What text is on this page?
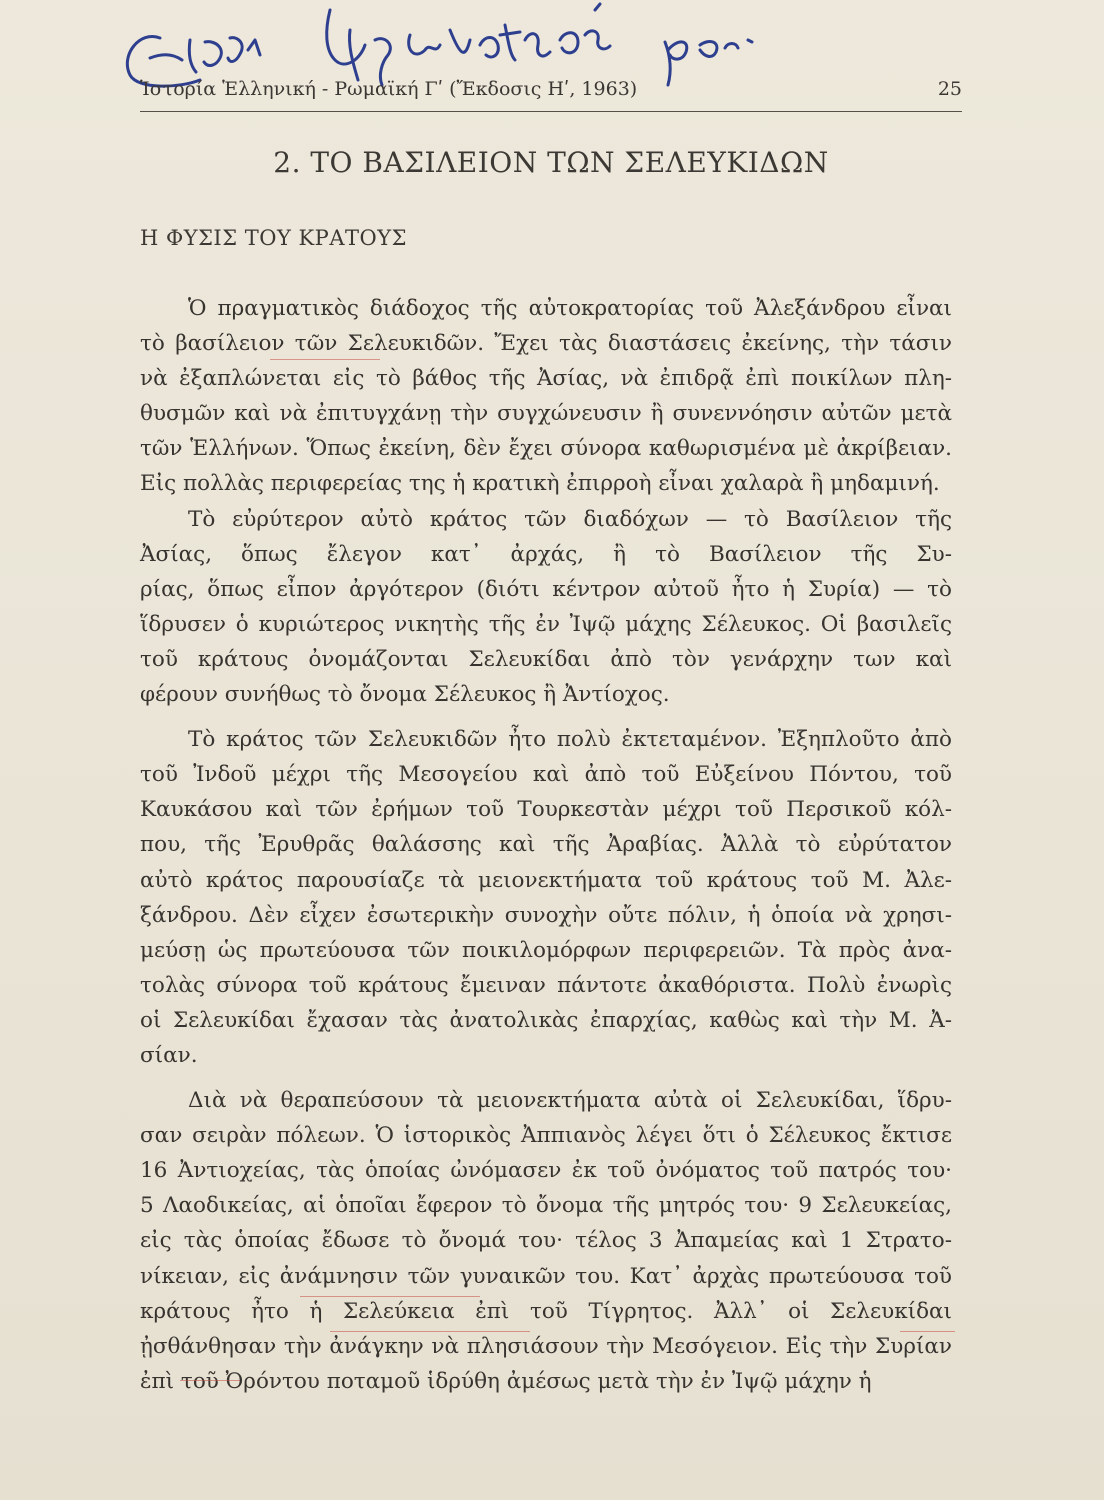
Ἱστορία Ἑλληνική - Ρωμαϊκή Γʹ (Ἔκδοσις Ηʹ, 1963)	25
2. ΤΟ ΒΑΣΙΛΕΙΟΝ ΤΩΝ ΣΕΛΕΥΚΙΔΩΝ
Η ΦΥΣΙΣ ΤΟΥ ΚΡΑΤΟΥΣ
Ὁ πραγματικὸς διάδοχος τῆς αὐτοκρατορίας τοῦ Ἀλεξάνδρου εἶναι
τὸ βασίλειον τῶν Σελευκιδῶν. Ἔχει τὰς διαστάσεις ἐκείνης, τὴν τάσιν
νὰ ἐξαπλώνεται εἰς τὸ βάθος τῆς Ἀσίας, νὰ ἐπιδρᾷ ἐπὶ ποικίλων πλη-
θυσμῶν καὶ νὰ ἐπιτυγχάνῃ τὴν συγχώνευσιν ἢ συνεννόησιν αὐτῶν μετὰ
τῶν Ἑλλήνων. Ὅπως ἐκείνη, δὲν ἔχει σύνορα καθωρισμένα μὲ ἀκρίβειαν.
Εἰς πολλὰς περιφερείας της ἡ κρατικὴ ἐπιρροὴ εἶναι χαλαρὰ ἢ μηδαμινή.
Τὸ εὐρύτερον αὐτὸ κράτος τῶν διαδόχων — τὸ Βασίλειον τῆς
Ἀσίας, ὅπως ἔλεγον κατ᾽ ἀρχάς, ἢ τὸ Βασίλειον τῆς Συ-
ρίας, ὅπως εἶπον ἀργότερον (διότι κέντρον αὐτοῦ ἦτο ἡ Συρία) — τὸ
ἵδρυσεν ὁ κυριώτερος νικητὴς τῆς ἐν Ἰψῷ μάχης Σέλευκος. Οἱ βασιλεῖς
τοῦ κράτους ὀνομάζονται Σελευκίδαι ἀπὸ τὸν γενάρχην των καὶ
φέρουν συνήθως τὸ ὄνομα Σέλευκος ἢ Ἀντίοχος.
Τὸ κράτος τῶν Σελευκιδῶν ἦτο πολὺ ἐκτεταμένον. Ἐξηπλοῦτο ἀπὸ
τοῦ Ἰνδοῦ μέχρι τῆς Μεσογείου καὶ ἀπὸ τοῦ Εὐξείνου Πόντου, τοῦ
Καυκάσου καὶ τῶν ἐρήμων τοῦ Τουρκεστὰν μέχρι τοῦ Περσικοῦ κόλ-
που, τῆς Ἐρυθρᾶς θαλάσσης καὶ τῆς Ἀραβίας. Ἀλλὰ τὸ εὐρύτατον
αὐτὸ κράτος παρουσίαζε τὰ μειονεκτήματα τοῦ κράτους τοῦ Μ. Ἀλε-
ξάνδρου. Δὲν εἶχεν ἐσωτερικὴν συνοχὴν οὔτε πόλιν, ἡ ὁποία νὰ χρησι-
μεύσῃ ὡς πρωτεύουσα τῶν ποικιλομόρφων περιφερειῶν. Τὰ πρὸς ἀνα-
τολὰς σύνορα τοῦ κράτους ἔμειναν πάντοτε ἀκαθόριστα. Πολὺ ἐνωρὶς
οἱ Σελευκίδαι ἔχασαν τὰς ἀνατολικὰς ἐπαρχίας, καθὼς καὶ τὴν Μ. Ἀ-
σίαν.
Διὰ νὰ θεραπεύσουν τὰ μειονεκτήματα αὐτὰ οἱ Σελευκίδαι, ἵδρυ-
σαν σειρὰν πόλεων. Ὁ ἱστορικὸς Ἀππιανὸς λέγει ὅτι ὁ Σέλευκος ἔκτισε
16 Ἀντιοχείας, τὰς ὁποίας ὠνόμασεν ἐκ τοῦ ὀνόματος τοῦ πατρός του·
5 Λαοδικείας, αἱ ὁποῖαι ἔφερον τὸ ὄνομα τῆς μητρός του· 9 Σελευκείας,
εἰς τὰς ὁποίας ἔδωσε τὸ ὄνομά του· τέλος 3 Ἀπαμείας καὶ 1 Στρατο-
νίκειαν, εἰς ἀνάμνησιν τῶν γυναικῶν του. Κατ᾽ ἀρχὰς πρωτεύουσα τοῦ
κράτους ἦτο ἡ Σελεύκεια ἐπὶ τοῦ Τίγρητος. Ἀλλ᾽ οἱ Σελευκίδαι
ᾐσθάνθησαν τὴν ἀνάγκην νὰ πλησιάσουν τὴν Μεσόγειον. Εἰς τὴν Συρίαν
ἐπὶ τοῦ Ὀρόντου ποταμοῦ ἱδρύθη ἀμέσως μετὰ τὴν ἐν Ἰψῷ μάχην ἡ
